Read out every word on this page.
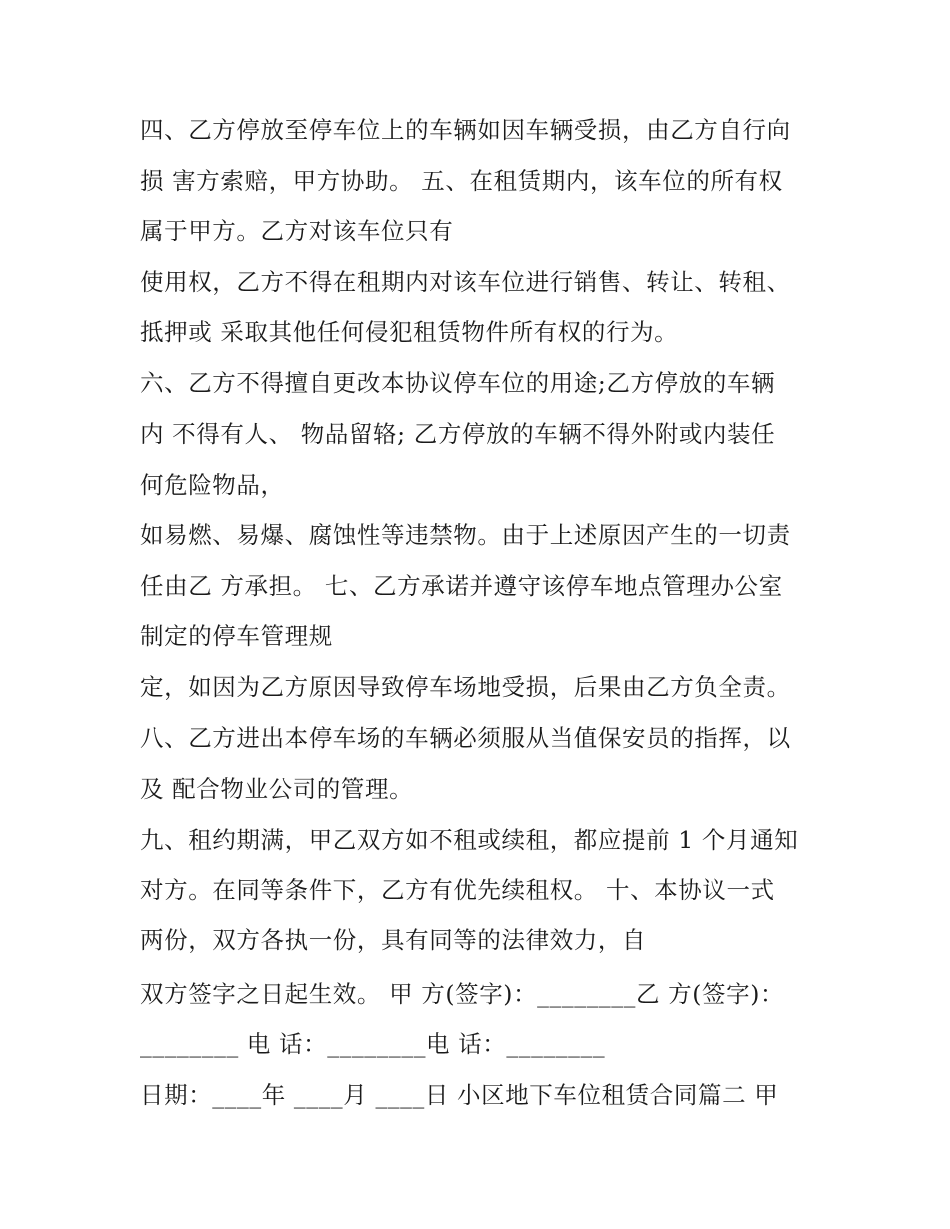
四、乙方停放至停车位上的车辆如因车辆受损，由乙方自行向
损 害方索赔，甲方协助。 五、在租赁期内，该车位的所有权
属于甲方。乙方对该车位只有
使用权，乙方不得在租期内对该车位进行销售、转让、转租、
抵押或 采取其他任何侵犯租赁物件所有权的行为。
六、乙方不得擅自更改本协议停车位的用途;乙方停放的车辆
内 不得有人、 物品留辂; 乙方停放的车辆不得外附或内装任
何危险物品，
如易燃、易爆、腐蚀性等违禁物。由于上述原因产生的一切责
任由乙 方承担。 七、乙方承诺并遵守该停车地点管理办公室
制定的停车管理规
定，如因为乙方原因导致停车场地受损，后果由乙方负全责。
八、乙方进出本停车场的车辆必须服从当值保安员的指挥，以
及 配合物业公司的管理。
九、租约期满，甲乙双方如不租或续租，都应提前 1 个月通知
对方。在同等条件下，乙方有优先续租权。 十、本协议一式
两份，双方各执一份，具有同等的法律效力，自
双方签字之日起生效。 甲 方(签字)：________乙 方(签字)：
________ 电 话：________电 话：________
日期：____年 ____月 ____日 小区地下车位租赁合同篇二 甲
